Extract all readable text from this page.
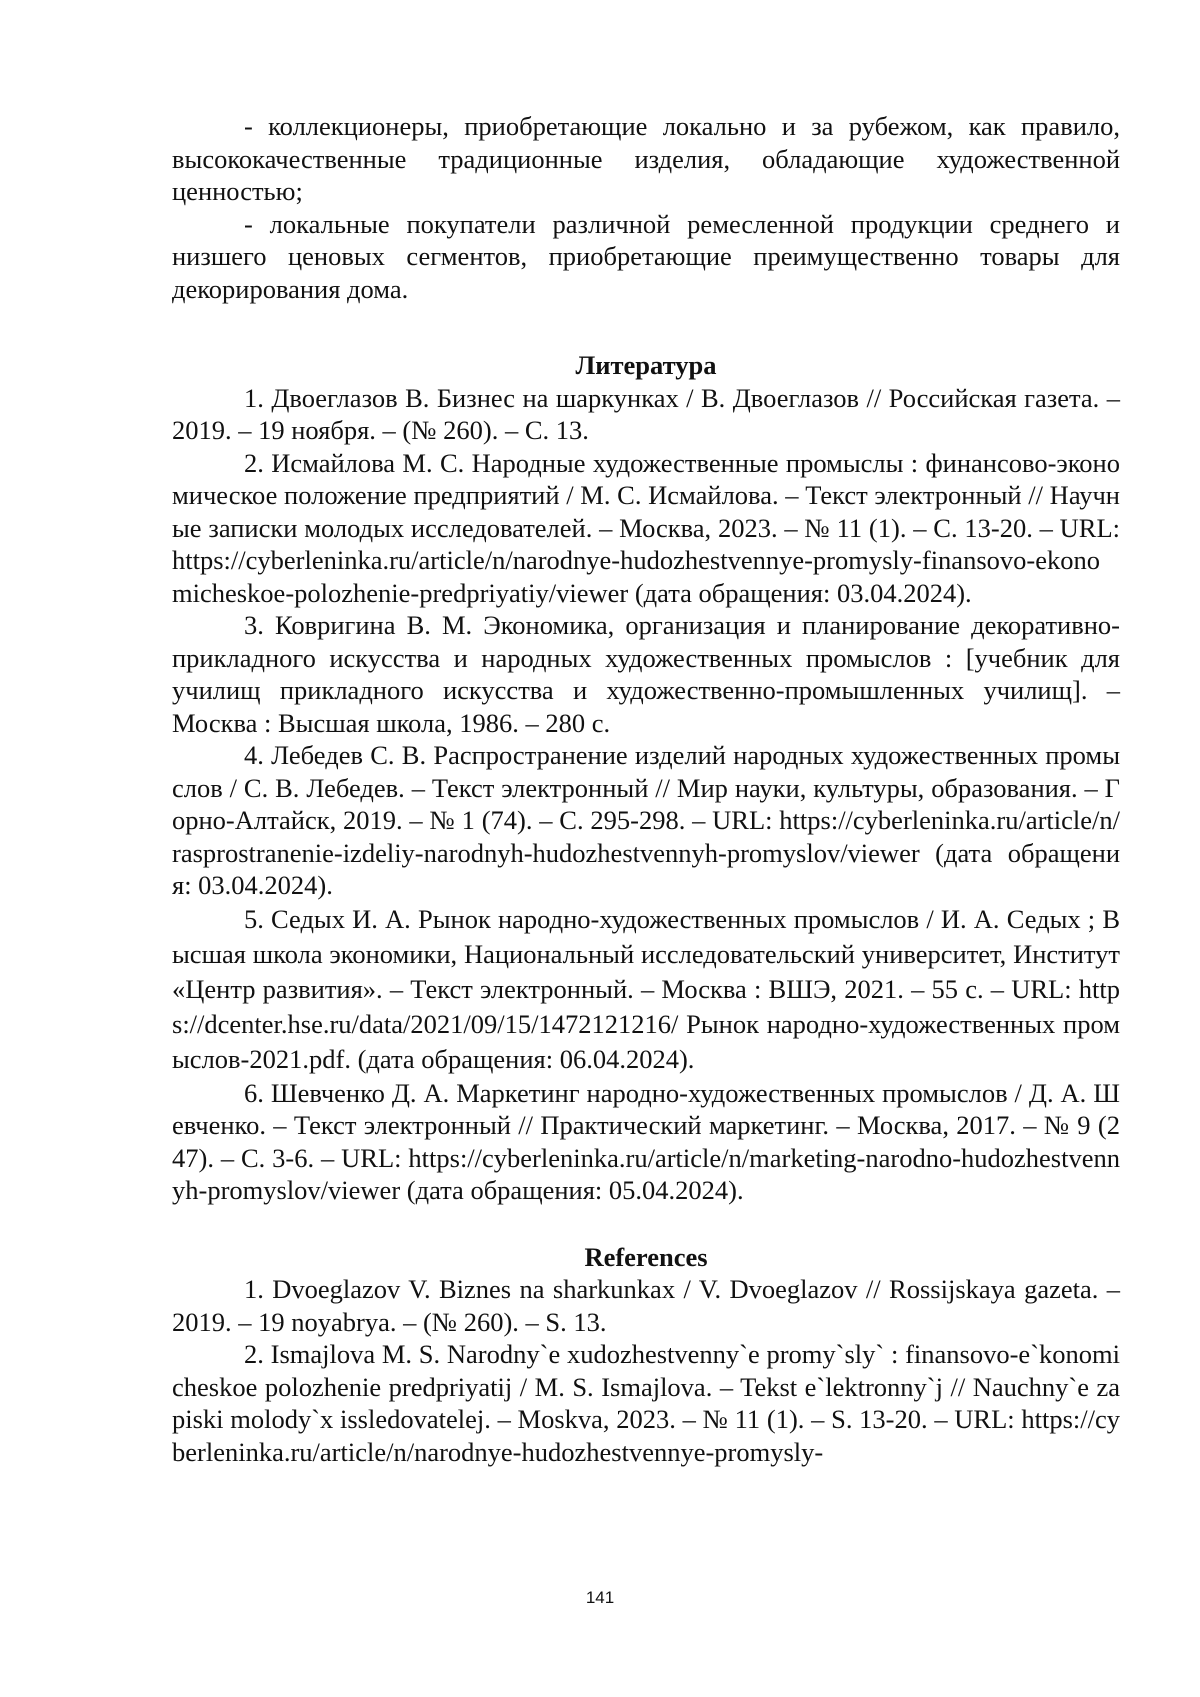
- коллекционеры, приобретающие локально и за рубежом, как правило, высококачественные традиционные изделия, обладающие художественной ценностью;

- локальные покупатели различной ремесленной продукции среднего и низшего ценовых сегментов, приобретающие преимущественно товары для декорирования дома.

Литература

1. Двоеглазов В. Бизнес на шаркунках / В. Двоеглазов // Российская газета. – 2019. – 19 ноября. – (№ 260). – С. 13.

2. Исмайлова М. С. Народные художественные промыслы : финансово-экономическое положение предприятий / М. С. Исмайлова. – Текст электронный // Научные записки молодых исследователей. – Москва, 2023. – № 11 (1). – С. 13-20. – URL: https://cyberleninka.ru/article/n/narodnye-hudozhestvennye-promysly-finansovo-ekonomicheskoe-polozhenie-predpriyatiy/viewer (дата обращения: 03.04.2024).

3. Ковригина В. М. Экономика, организация и планирование декоративно-прикладного искусства и народных художественных промыслов : [учебник для училищ прикладного искусства и художественно-промышленных училищ]. – Москва : Высшая школа, 1986. – 280 с.

4. Лебедев С. В. Распространение изделий народных художественных промыслов / С. В. Лебедев. – Текст электронный // Мир науки, культуры, образования. – Горно-Алтайск, 2019. – № 1 (74). – С. 295-298. – URL: https://cyberleninka.ru/article/n/rasprostranenie-izdeliy-narodnyh-hudozhestvennyh-promyslov/viewer (дата обращения: 03.04.2024).

5. Седых И. А. Рынок народно-художественных промыслов / И. А. Седых ; Высшая школа экономики, Национальный исследовательский университет, Институт «Центр развития». – Текст электронный. – Москва : ВШЭ, 2021. – 55 с. – URL: https://dcenter.hse.ru/data/2021/09/15/1472121216/ Рынок народно-художественных промыслов-2021.pdf. (дата обращения: 06.04.2024).

6. Шевченко Д. А. Маркетинг народно-художественных промыслов / Д. А. Шевченко. – Текст электронный // Практический маркетинг. – Москва, 2017. – № 9 (247). – С. 3-6. – URL: https://cyberleninka.ru/article/n/marketing-narodno-hudozhestvennyh-promyslov/viewer (дата обращения: 05.04.2024).

References

1. Dvoeglazov V. Biznes na sharkunkax / V. Dvoeglazov // Rossijskaya gazeta. – 2019. – 19 noyabrya. – (№ 260). – S. 13.

2. Ismajlova M. S. Narodny`e xudozhestvenny`e promy`sly` : finansovo-e`konomicheskoe polozhenie predpriyatij / M. S. Ismajlova. – Tekst e`lektronny`j // Nauchny`e zapiski molody`x issledovatelej. – Moskva, 2023. – № 11 (1). – S. 13-20. – URL: https://cyberleninka.ru/article/n/narodnye-hudozhestvennye-promysly-

141
